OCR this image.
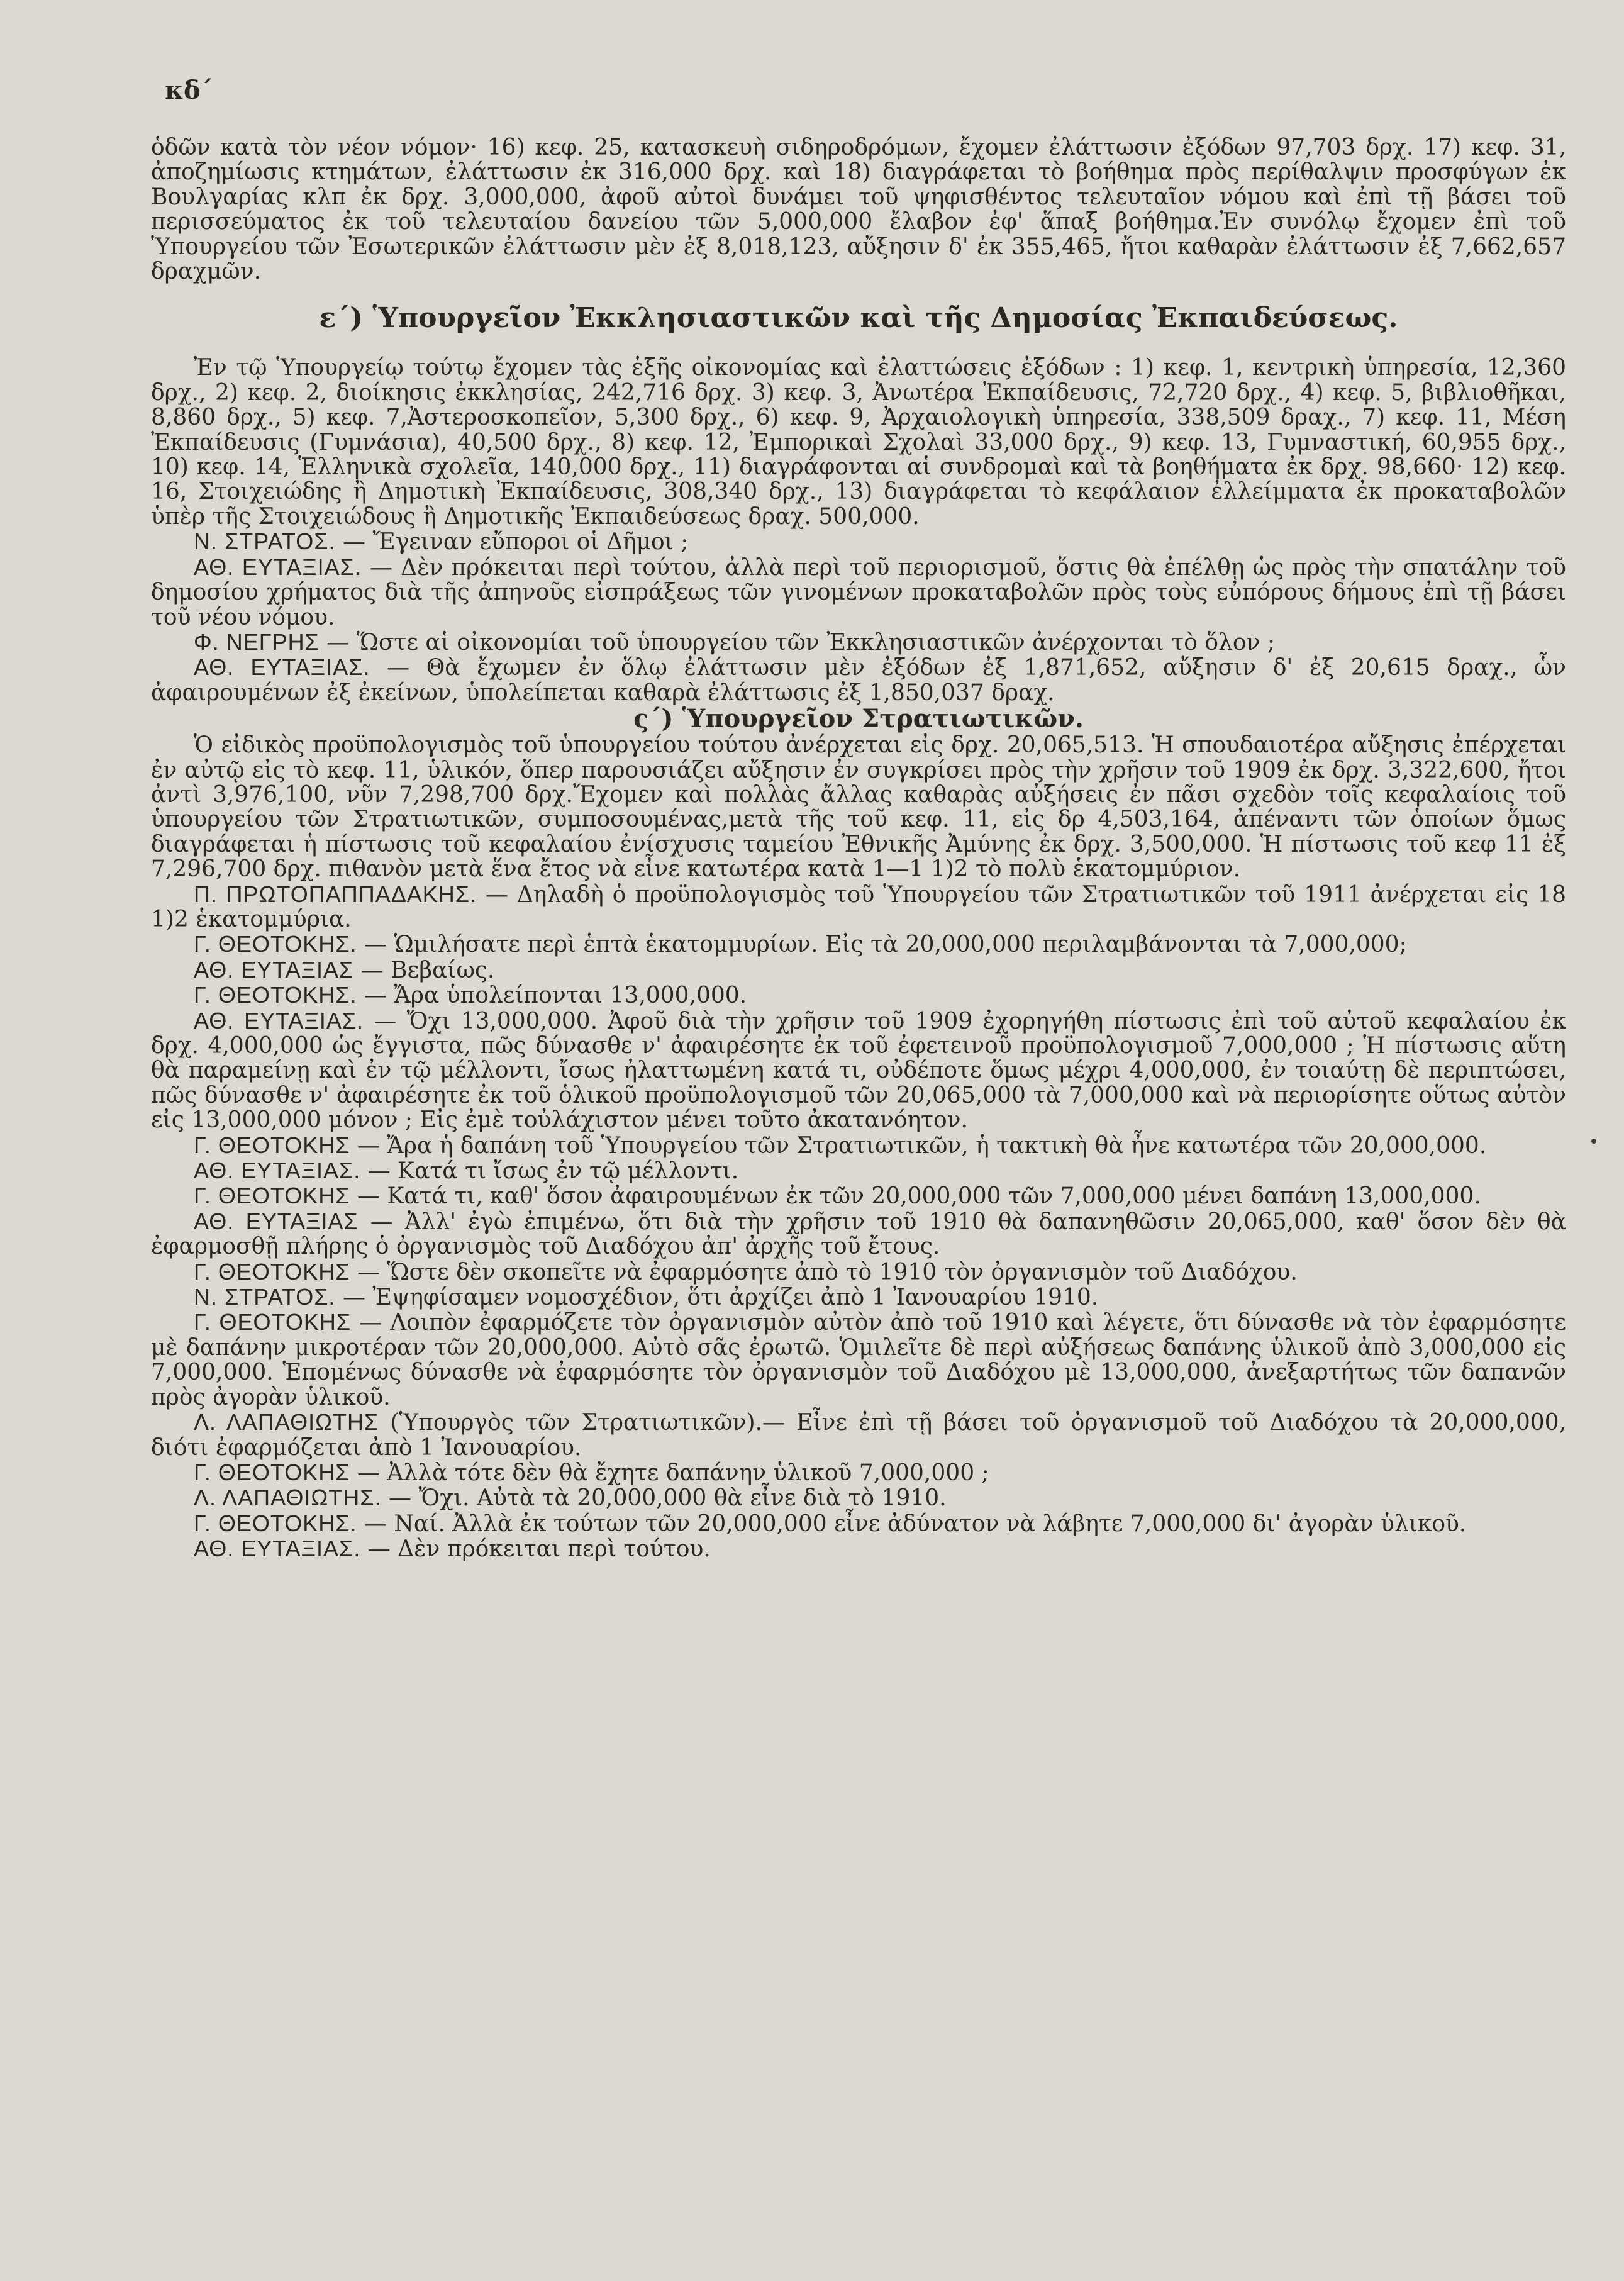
κδ΄

ὁδῶν κατὰ τὸν νέον νόμον· 16) κεφ. 25, κατασκευὴ σιδηροδρόμων, ἔχομεν ἐλάττωσιν ἐξόδων 97,703 δρχ. 17) κεφ. 31, ἀποζημίωσις κτημάτων, ἐλάττωσιν ἐκ 316,000 δρχ. καὶ 18) διαγράφεται τὸ βοήθημα πρὸς περίθαλψιν προσφύγων ἐκ Βουλγαρίας κλπ ἐκ δρχ. 3,000,000, ἀφοῦ αὐτοὶ δυνάμει τοῦ ψηφισθέντος τελευταῖον νόμου καὶ ἐπὶ τῇ βάσει τοῦ περισσεύματος ἐκ τοῦ τελευταίου δανείου τῶν 5,000,000 ἔλαβον ἐφ' ἅπαξ βοήθημα.Ἐν συνόλῳ ἔχομεν ἐπὶ τοῦ Ὑπουργείου τῶν Ἐσωτερικῶν ἐλάττωσιν μὲν ἐξ 8,018,123, αὔξησιν δ' ἐκ 355,465, ἤτοι καθαρὰν ἐλάττωσιν ἐξ 7,662,657 δραχμῶν.

ε΄) Ὑπουργεῖον Ἐκκλησιαστικῶν καὶ τῆς Δημοσίας Ἐκπαιδεύσεως.

Ἐν τῷ Ὑπουργείῳ τούτῳ ἔχομεν τὰς ἑξῆς οἰκονομίας καὶ ἐλαττώσεις ἐξόδων : 1) κεφ. 1, κεντρικὴ ὑπηρεσία, 12,360 δρχ., 2) κεφ. 2, διοίκησις ἐκκλησίας, 242,716 δρχ. 3) κεφ. 3, Ἀνωτέρα Ἐκπαίδευσις, 72,720 δρχ., 4) κεφ. 5, βιβλιοθῆκαι, 8,860 δρχ., 5) κεφ. 7,Ἀστεροσκοπεῖον, 5,300 δρχ., 6) κεφ. 9, Ἀρχαιολογικὴ ὑπηρεσία, 338,509 δραχ., 7) κεφ. 11, Μέση Ἐκπαίδευσις (Γυμνάσια), 40,500 δρχ., 8) κεφ. 12, Ἐμπορικαὶ Σχολαὶ 33,000 δρχ., 9) κεφ. 13, Γυμναστική, 60,955 δρχ., 10) κεφ. 14, Ἑλληνικὰ σχολεῖα, 140,000 δρχ., 11) διαγράφονται αἱ συνδρομαὶ καὶ τὰ βοηθήματα ἐκ δρχ. 98,660· 12) κεφ. 16, Στοιχειώδης ἢ Δημοτικὴ Ἐκπαίδευσις, 308,340 δρχ., 13) διαγράφεται τὸ κεφάλαιον ἐλλείμματα ἐκ προκαταβολῶν ὑπὲρ τῆς Στοιχειώδους ἢ Δημοτικῆς Ἐκπαιδεύσεως δραχ. 500,000.

Ν. ΣΤΡΑΤΟΣ. — Ἔγειναν εὔποροι οἱ Δῆμοι ;

ΑΘ. ΕΥΤΑΞΙΑΣ. — Δὲν πρόκειται περὶ τούτου, ἀλλὰ περὶ τοῦ περιορισμοῦ, ὅστις θὰ ἐπέλθῃ ὡς πρὸς τὴν σπατάλην τοῦ δημοσίου χρήματος διὰ τῆς ἀπηνοῦς εἰσπράξεως τῶν γινομένων προκαταβολῶν πρὸς τοὺς εὐπόρους δήμους ἐπὶ τῇ βάσει τοῦ νέου νόμου.

Φ. ΝΕΓΡΗΣ — Ὥστε αἱ οἰκονομίαι τοῦ ὑπουργείου τῶν Ἐκκλησιαστικῶν ἀνέρχονται τὸ ὅλον ;

ΑΘ. ΕΥΤΑΞΙΑΣ. — Θὰ ἔχωμεν ἐν ὅλῳ ἐλάττωσιν μὲν ἐξόδων ἐξ 1,871,652, αὔξησιν δ' ἐξ 20,615 δραχ., ὧν ἀφαιρουμένων ἐξ ἐκείνων, ὑπολείπεται καθαρὰ ἐλάττωσις ἐξ 1,850,037 δραχ.

ς΄) Ὑπουργεῖον Στρατιωτικῶν.

Ὁ εἰδικὸς προϋπολογισμὸς τοῦ ὑπουργείου τούτου ἀνέρχεται εἰς δρχ. 20,065,513. Ἡ σπουδαιοτέρα αὔξησις ἐπέρχεται ἐν αὐτῷ εἰς τὸ κεφ. 11, ὑλικόν, ὅπερ παρουσιάζει αὔξησιν ἐν συγκρίσει πρὸς τὴν χρῆσιν τοῦ 1909 ἐκ δρχ. 3,322,600, ἤτοι ἀντὶ 3,976,100, νῦν 7,298,700 δρχ.Ἔχομεν καὶ πολλὰς ἄλλας καθαρὰς αὐξήσεις ἐν πᾶσι σχεδὸν τοῖς κεφαλαίοις τοῦ ὑπουργείου τῶν Στρατιωτικῶν, συμποσουμένας,μετὰ τῆς τοῦ κεφ. 11, εἰς δρ 4,503,164, ἀπέναντι τῶν ὁποίων ὅμως διαγράφεται ἡ πίστωσις τοῦ κεφαλαίου ἐνίσχυσις ταμείου Ἐθνικῆς Ἀμύνης ἐκ δρχ. 3,500,000. Ἡ πίστωσις τοῦ κεφ 11 ἐξ 7,296,700 δρχ. πιθανὸν μετὰ ἕνα ἔτος νὰ εἶνε κατωτέρα κατὰ 1—1 1)2 τὸ πολὺ ἑκατομμύριον.

Π. ΠΡΩΤΟΠΑΠΠΑΔΑΚΗΣ. — Δηλαδὴ ὁ προϋπολογισμὸς τοῦ Ὑπουργείου τῶν Στρατιωτικῶν τοῦ 1911 ἀνέρχεται εἰς 18 1)2 ἑκατομμύρια.

Γ. ΘΕΟΤΟΚΗΣ. — Ὡμιλήσατε περὶ ἑπτὰ ἑκατομμυρίων. Εἰς τὰ 20,000,000 περιλαμβάνονται τὰ 7,000,000;

ΑΘ. ΕΥΤΑΞΙΑΣ — Βεβαίως.

Γ. ΘΕΟΤΟΚΗΣ. — Ἄρα ὑπολείπονται 13,000,000.

ΑΘ. ΕΥΤΑΞΙΑΣ. — Ὄχι 13,000,000. Ἀφοῦ διὰ τὴν χρῆσιν τοῦ 1909 ἐχορηγήθη πίστωσις ἐπὶ τοῦ αὐτοῦ κεφαλαίου ἐκ δρχ. 4,000,000 ὡς ἔγγιστα, πῶς δύνασθε ν' ἀφαιρέσητε ἐκ τοῦ ἐφετεινοῦ προϋπολογισμοῦ 7,000,000 ; Ἡ πίστωσις αὕτη θὰ παραμείνῃ καὶ ἐν τῷ μέλλοντι, ἴσως ἠλαττωμένη κατά τι, οὐδέποτε ὅμως μέχρι 4,000,000, ἐν τοιαύτῃ δὲ περιπτώσει, πῶς δύνασθε ν' ἀφαιρέσητε ἐκ τοῦ ὁλικοῦ προϋπολογισμοῦ τῶν 20,065,000 τὰ 7,000,000 καὶ νὰ περιορίσητε οὕτως αὐτὸν εἰς 13,000,000 μόνον ; Εἰς ἐμὲ τοὐλάχιστον μένει τοῦτο ἀκατανόητον.

Γ. ΘΕΟΤΟΚΗΣ — Ἄρα ἡ δαπάνη τοῦ Ὑπουργείου τῶν Στρατιωτικῶν, ἡ τακτικὴ θὰ ἦνε κατωτέρα τῶν 20,000,000.

ΑΘ. ΕΥΤΑΞΙΑΣ. — Κατά τι ἴσως ἐν τῷ μέλλοντι.

Γ. ΘΕΟΤΟΚΗΣ — Κατά τι, καθ' ὅσον ἀφαιρουμένων ἐκ τῶν 20,000,000 τῶν 7,000,000 μένει δαπάνη 13,000,000.

ΑΘ. ΕΥΤΑΞΙΑΣ — Ἀλλ' ἐγὼ ἐπιμένω, ὅτι διὰ τὴν χρῆσιν τοῦ 1910 θὰ δαπανηθῶσιν 20,065,000, καθ' ὅσον δὲν θὰ ἐφαρμοσθῇ πλήρης ὁ ὀργανισμὸς τοῦ Διαδόχου ἀπ' ἀρχῆς τοῦ ἔτους.

Γ. ΘΕΟΤΟΚΗΣ — Ὥστε δὲν σκοπεῖτε νὰ ἐφαρμόσητε ἀπὸ τὸ 1910 τὸν ὀργανισμὸν τοῦ Διαδόχου.

Ν. ΣΤΡΑΤΟΣ. — Ἐψηφίσαμεν νομοσχέδιον, ὅτι ἀρχίζει ἀπὸ 1 Ἰανουαρίου 1910.

Γ. ΘΕΟΤΟΚΗΣ — Λοιπὸν ἐφαρμόζετε τὸν ὀργανισμὸν αὐτὸν ἀπὸ τοῦ 1910 καὶ λέγετε, ὅτι δύνασθε νὰ τὸν ἐφαρμόσητε μὲ δαπάνην μικροτέραν τῶν 20,000,000. Αὐτὸ σᾶς ἐρωτῶ. Ὁμιλεῖτε δὲ περὶ αὐξήσεως δαπάνης ὑλικοῦ ἀπὸ 3,000,000 εἰς 7,000,000. Ἑπομένως δύνασθε νὰ ἐφαρμόσητε τὸν ὀργανισμὸν τοῦ Διαδόχου μὲ 13,000,000, ἀνεξαρτήτως τῶν δαπανῶν πρὸς ἀγορὰν ὑλικοῦ.

Λ. ΛΑΠΑΘΙΩΤΗΣ (Ὑπουργὸς τῶν Στρατιωτικῶν).— Εἶνε ἐπὶ τῇ βάσει τοῦ ὀργανισμοῦ τοῦ Διαδόχου τὰ 20,000,000, διότι ἐφαρμόζεται ἀπὸ 1 Ἰανουαρίου.

Γ. ΘΕΟΤΟΚΗΣ — Ἀλλὰ τότε δὲν θὰ ἔχητε δαπάνην ὑλικοῦ 7,000,000 ;

Λ. ΛΑΠΑΘΙΩΤΗΣ. — Ὄχι. Αὐτὰ τὰ 20,000,000 θὰ εἶνε διὰ τὸ 1910.

Γ. ΘΕΟΤΟΚΗΣ. — Ναί. Ἀλλὰ ἐκ τούτων τῶν 20,000,000 εἶνε ἀδύνατον νὰ λάβητε 7,000,000 δι' ἀγορὰν ὑλικοῦ.

ΑΘ. ΕΥΤΑΞΙΑΣ. — Δὲν πρόκειται περὶ τούτου.
